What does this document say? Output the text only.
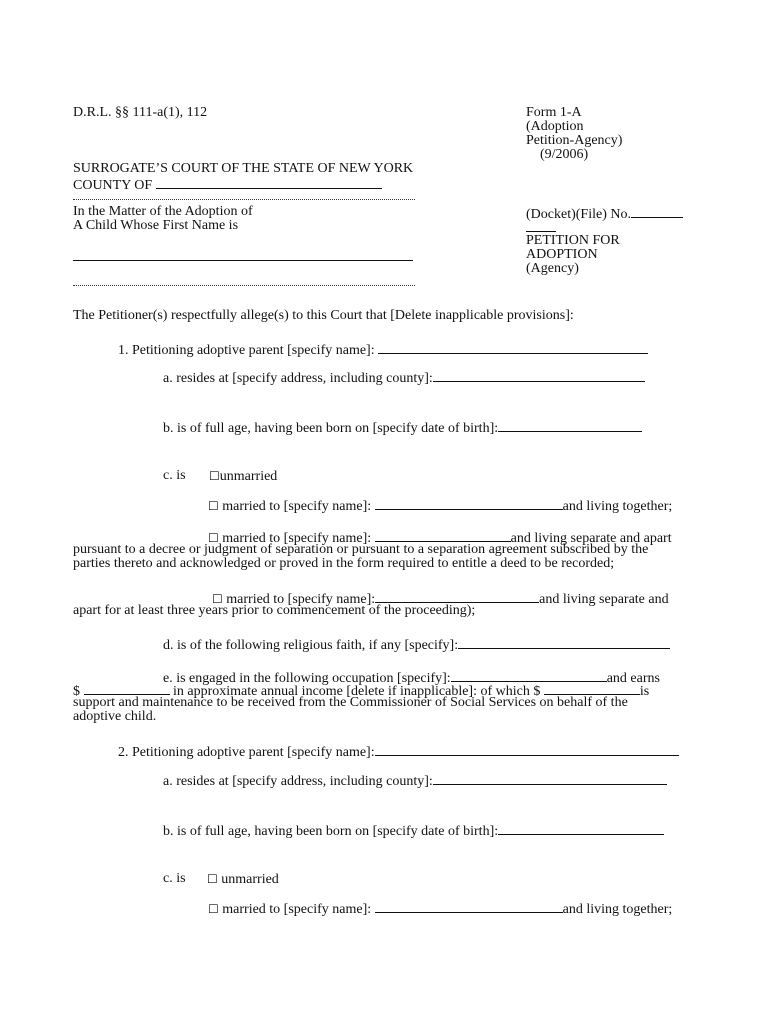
D.R.L. §§ 111-a(1), 112	Form 1-A
(Adoption
Petition-Agency)
(9/2006)
SURROGATE’S COURT OF THE STATE OF NEW YORK
COUNTY OF
In the Matter of the Adoption of
A Child Whose First Name is
(Docket)(File) No.
PETITION FOR
ADOPTION
(Agency)
The Petitioner(s) respectfully allege(s) to this Court that [Delete inapplicable provisions]:
1. Petitioning adoptive parent [specify name]:
a. resides at [specify address, including county]:
b. is of full age, having been born on [specify date of birth]:
c. is ☐unmarried
☐ married to [specify name]:	and living together;
☐ married to [specify name]:	and living separate and apart
pursuant to a decree or judgment of separation or pursuant to a separation agreement subscribed by the
parties thereto and acknowledged or proved in the form required to entitle a deed to be recorded;
☐ married to [specify name]:	and living separate and
apart for at least three years prior to commencement of the proceeding);
d. is of the following religious faith, if any [specify]:
e. is engaged in the following occupation [specify]:	and earns
$	in approximate annual income [delete if inapplicable]: of which $	is
support and maintenance to be received from the Commissioner of Social Services on behalf of the
adoptive child.
2. Petitioning adoptive parent [specify name]:
a. resides at [specify address, including county]:
b. is of full age, having been born on [specify date of birth]:
c. is ☐ unmarried
☐ married to [specify name]:	and living together;
